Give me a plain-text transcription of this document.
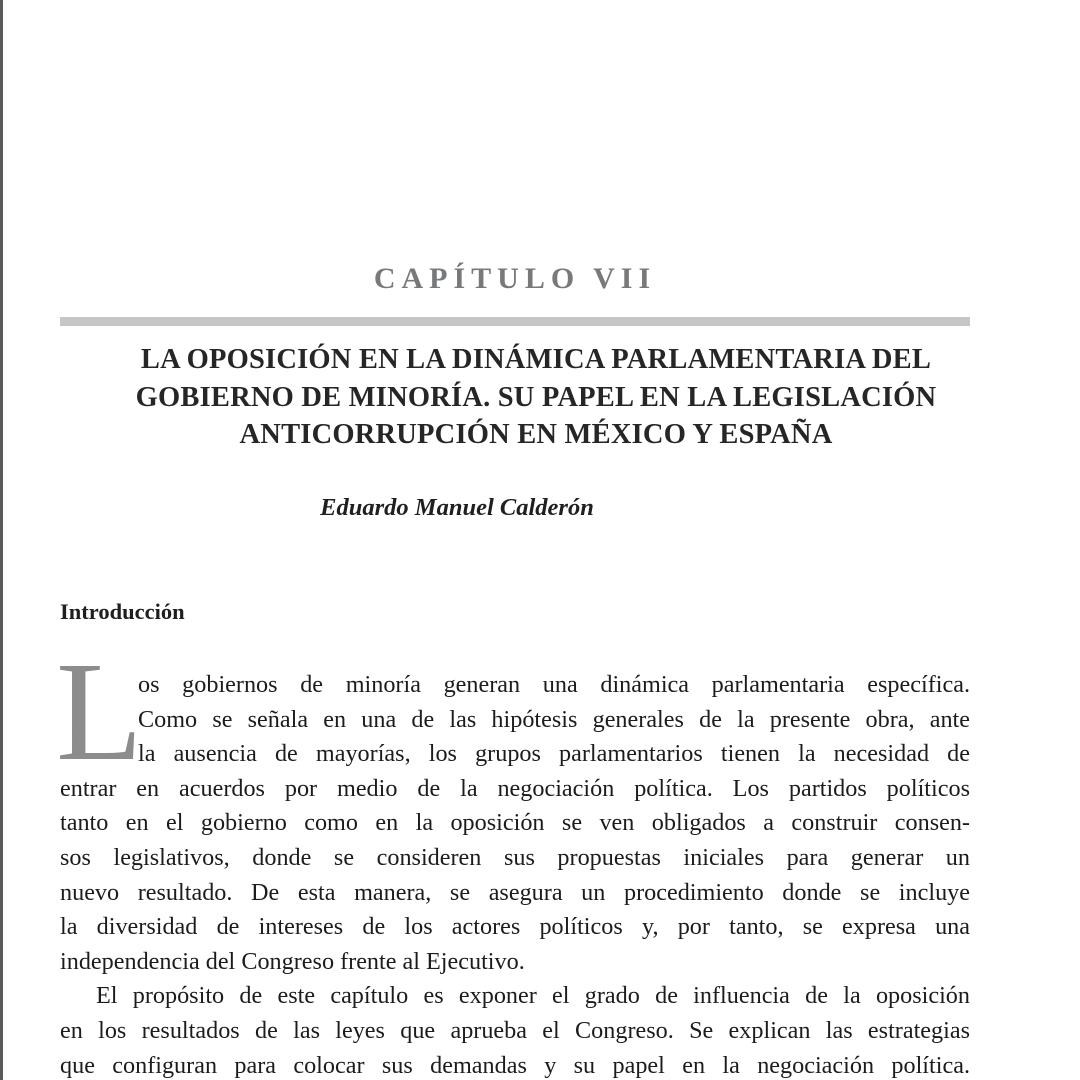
CAPÍTULO VII
LA OPOSICIÓN EN LA DINÁMICA PARLAMENTARIA DEL
GOBIERNO DE MINORÍA. SU PAPEL EN LA LEGISLACIÓN
ANTICORRUPCIÓN EN MÉXICO Y ESPAÑA
Eduardo Manuel Calderón
Introducción
L
os gobiernos de minoría generan una dinámica parlamentaria específica.
Como se señala en una de las hipótesis generales de la presente obra, ante
la ausencia de mayorías, los grupos parlamentarios tienen la necesidad de
entrar en acuerdos por medio de la negociación política. Los partidos políticos
tanto en el gobierno como en la oposición se ven obligados a construir consen-
sos legislativos, donde se consideren sus propuestas iniciales para generar un
nuevo resultado. De esta manera, se asegura un procedimiento donde se incluye
la diversidad de intereses de los actores políticos y, por tanto, se expresa una
independencia del Congreso frente al Ejecutivo.
El propósito de este capítulo es exponer el grado de influencia de la oposición
en los resultados de las leyes que aprueba el Congreso. Se explican las estrategias
que configuran para colocar sus demandas y su papel en la negociación política.
